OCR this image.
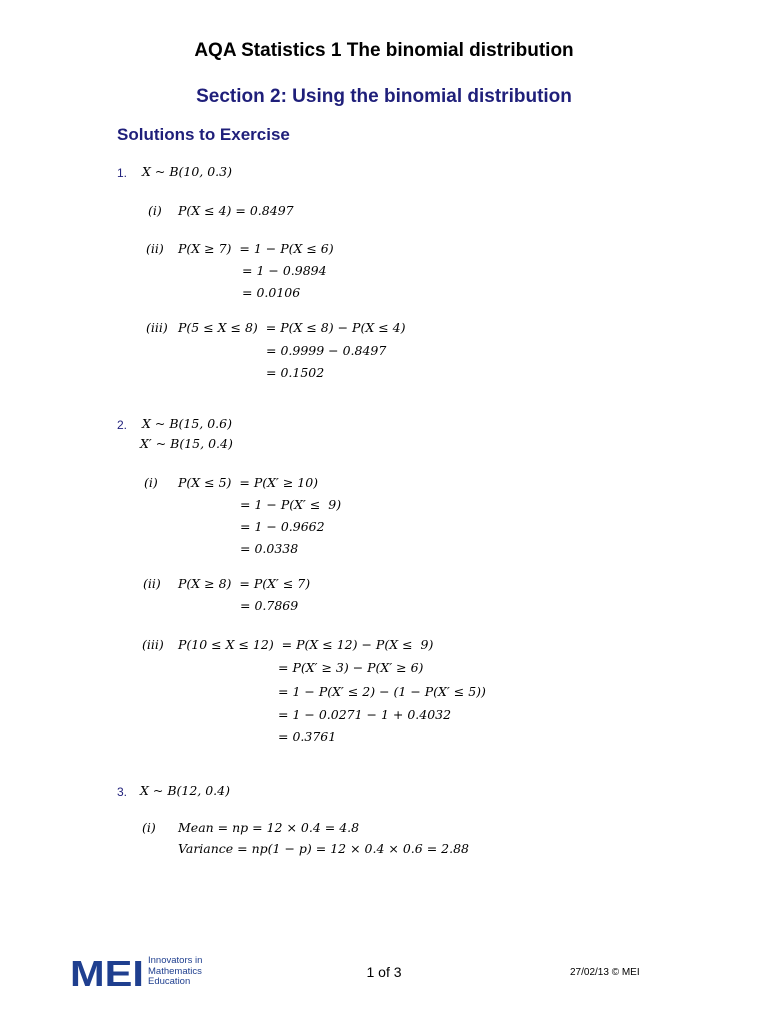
AQA Statistics 1 The binomial distribution
Section 2: Using the binomial distribution
Solutions to Exercise
1. X ~ B(10, 0.3)
(i) P(X ≤ 4) = 0.8497
(ii) P(X ≥ 7)  = 1 − P(X ≤ 6)
= 1 − 0.9894
= 0.0106
(iii) P(5 ≤ X ≤ 8)  = P(X ≤ 8) − P(X ≤ 4)
= 0.9999 − 0.8497
= 0.1502
2. X ~ B(15, 0.6)
X′ ~ B(15, 0.4)
(i) P(X ≤ 5)  = P(X′ ≥ 10)
= 1 − P(X′ ≤  9)
= 1 − 0.9662
= 0.0338
(ii) P(X ≥ 8)  = P(X′ ≤ 7)
= 0.7869
(iii) P(10 ≤ X ≤ 12)  = P(X ≤ 12) − P(X ≤  9)
= P(X′ ≥ 3) − P(X′ ≥ 6)
= 1 − P(X′ ≤ 2) − (1 − P(X′ ≤ 5))
= 1 − 0.0271 − 1 + 0.4032
= 0.3761
3. X ~ B(12, 0.4)
(i) Mean = np = 12 × 0.4 = 4.8
Variance = np(1 − p) = 12 × 0.4 × 0.6 = 2.88
MEI Innovators in
Mathematics
Education
1 of 3	27/02/13 © MEI
